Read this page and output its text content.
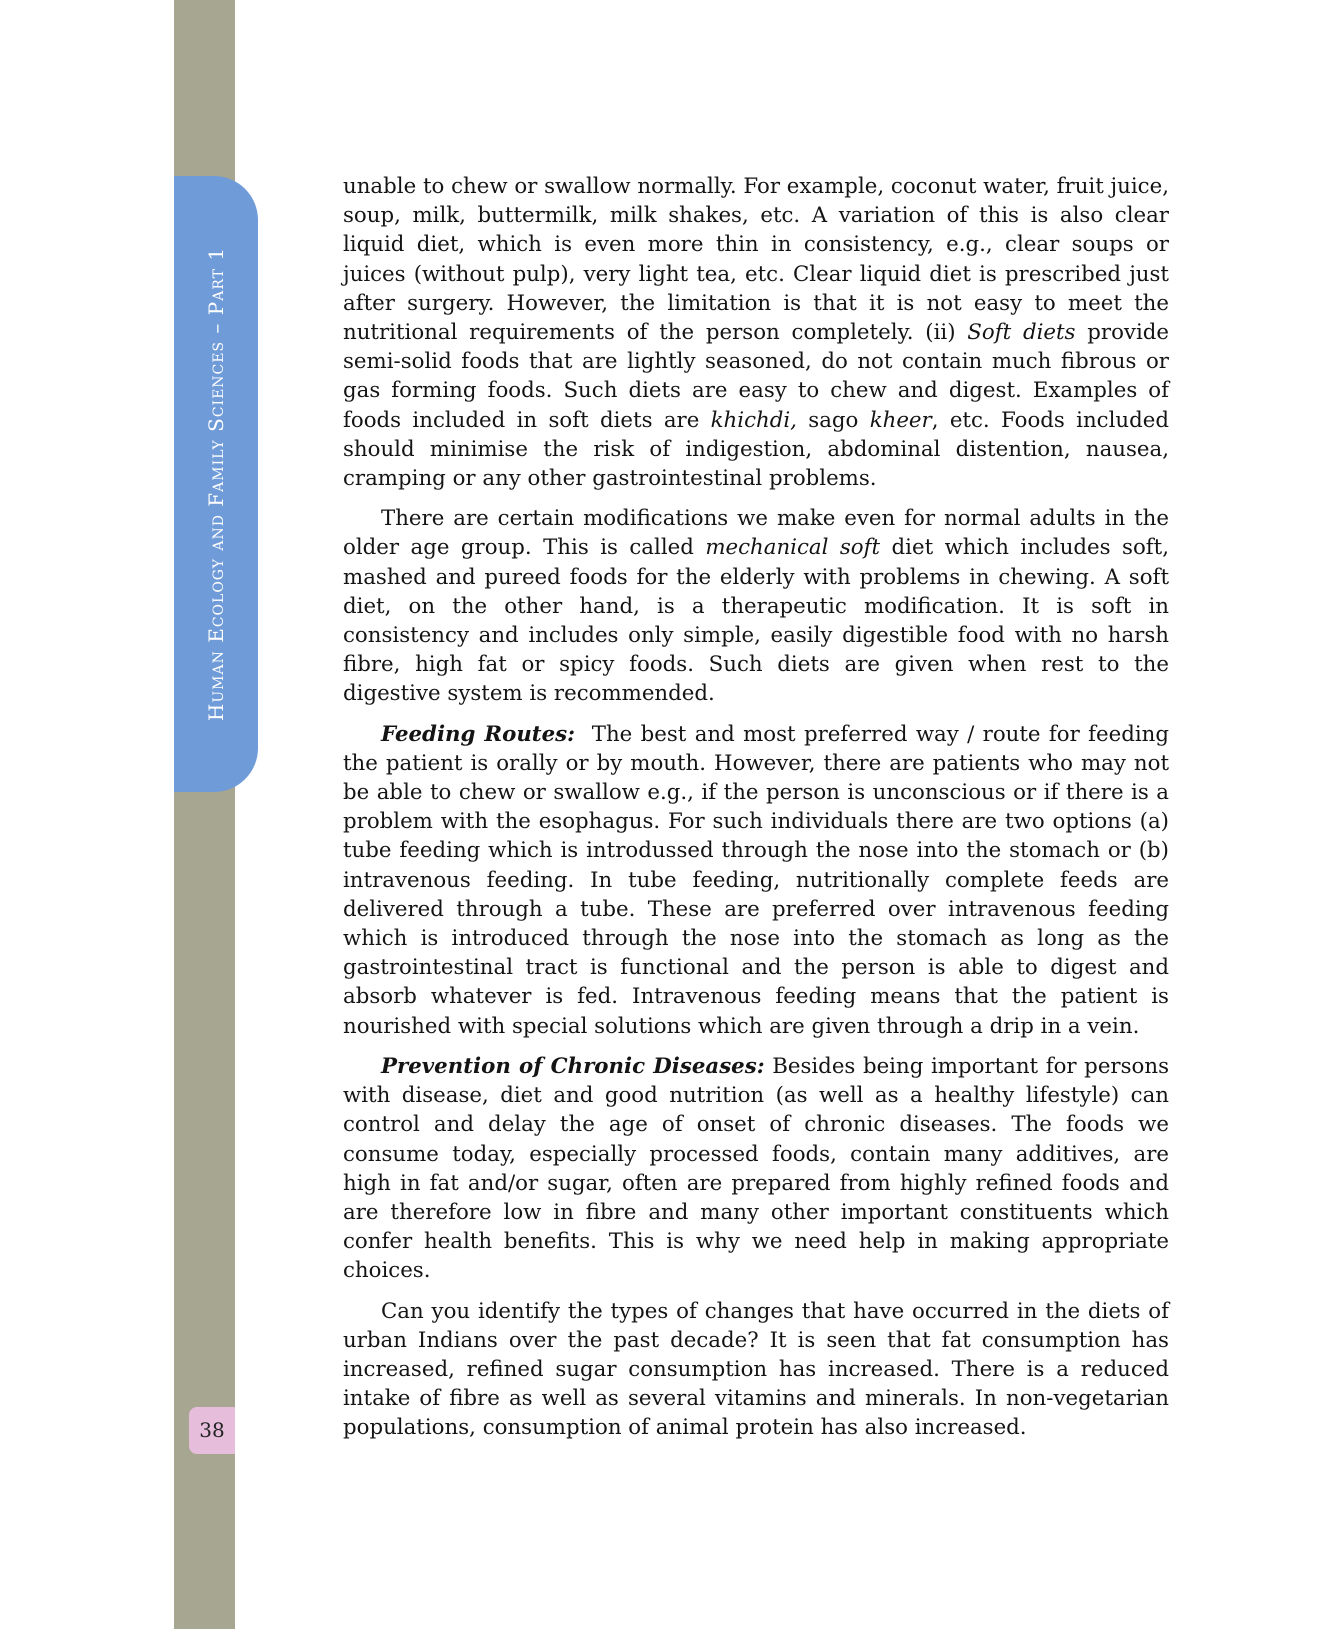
Human Ecology and Family Sciences – Part 1
38

unable to chew or swallow normally. For example, coconut water, fruit juice, soup, milk, buttermilk, milk shakes, etc. A variation of this is also clear liquid diet, which is even more thin in consistency, e.g., clear soups or juices (without pulp), very light tea, etc. Clear liquid diet is prescribed just after surgery. However, the limitation is that it is not easy to meet the nutritional requirements of the person completely. (ii) Soft diets provide semi-solid foods that are lightly seasoned, do not contain much fibrous or gas forming foods. Such diets are easy to chew and digest. Examples of foods included in soft diets are khichdi, sago kheer, etc. Foods included should minimise the risk of indigestion, abdominal distention, nausea, cramping or any other gastrointestinal problems.

There are certain modifications we make even for normal adults in the older age group. This is called mechanical soft diet which includes soft, mashed and pureed foods for the elderly with problems in chewing. A soft diet, on the other hand, is a therapeutic modification. It is soft in consistency and includes only simple, easily digestible food with no harsh fibre, high fat or spicy foods. Such diets are given when rest to the digestive system is recommended.

Feeding Routes:  The best and most preferred way / route for feeding the patient is orally or by mouth. However, there are patients who may not be able to chew or swallow e.g., if the person is unconscious or if there is a problem with the esophagus. For such individuals there are two options (a) tube feeding which is introdussed through the nose into the stomach or (b) intravenous feeding. In tube feeding, nutritionally complete feeds are delivered through a tube. These are preferred over intravenous feeding which is introduced through the nose into the stomach as long as the gastrointestinal tract is functional and the person is able to digest and absorb whatever is fed. Intravenous feeding means that the patient is nourished with special solutions which are given through a drip in a vein.

Prevention of Chronic Diseases: Besides being important for persons with disease, diet and good nutrition (as well as a healthy lifestyle) can control and delay the age of onset of chronic diseases. The foods we consume today, especially processed foods, contain many additives, are high in fat and/or sugar, often are prepared from highly refined foods and are therefore low in fibre and many other important constituents which confer health benefits. This is why we need help in making appropriate choices.

Can you identify the types of changes that have occurred in the diets of urban Indians over the past decade? It is seen that fat consumption has increased, refined sugar consumption has increased. There is a reduced intake of fibre as well as several vitamins and minerals. In non-vegetarian populations, consumption of animal protein has also increased.
